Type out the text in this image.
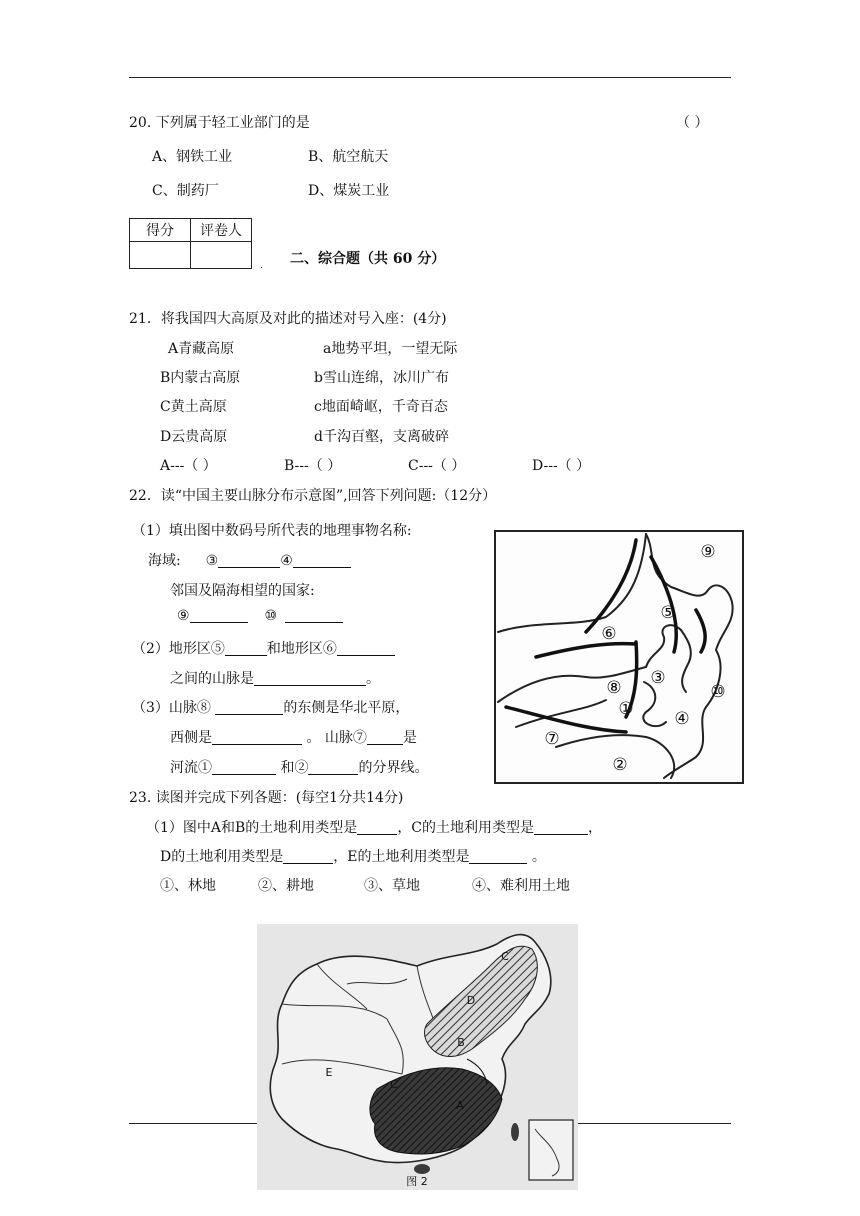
20. 下列属于轻工业部门的是	（ ）
A、钢铁工业	B、航空航天
C、制药厂	D、煤炭工业
得分	评卷人

二、综合题（共 60 分）
21．将我国四大高原及对此的描述对号入座：(4分)
A青藏高原	a地势平坦，一望无际
B内蒙古高原	b雪山连绵，冰川广布
C黄土高原	c地面崎岖，千奇百态
D云贵高原	d千沟百壑，支离破碎
A---（ ）	B---（ ）	C---（ ）	D---（ ）
22．读“中国主要山脉分布示意图”,回答下列问题:（12分）
（1）填出图中数码号所代表的地理事物名称:
海域: ③	④
邻国及隔海相望的国家:
⑨	⑩
（2）地形区⑤	和地形区⑥
之间的山脉是	。
（3）山脉⑧	的东侧是华北平原，
西侧是	。 山脉⑦	是
河流①	和②	的分界线。
⑨
⑤
⑥
③
⑧
①
⑩
④
⑦
②
23. 读图并完成下列各题：(每空1分共14分)
（1）图中A和B的土地利用类型是	，C的土地利用类型是	，
D的土地利用类型是	，E的土地利用类型是	。
①、林地	②、耕地	③、草地	④、难利用土地
C
D
B
E
C
A
图 2
